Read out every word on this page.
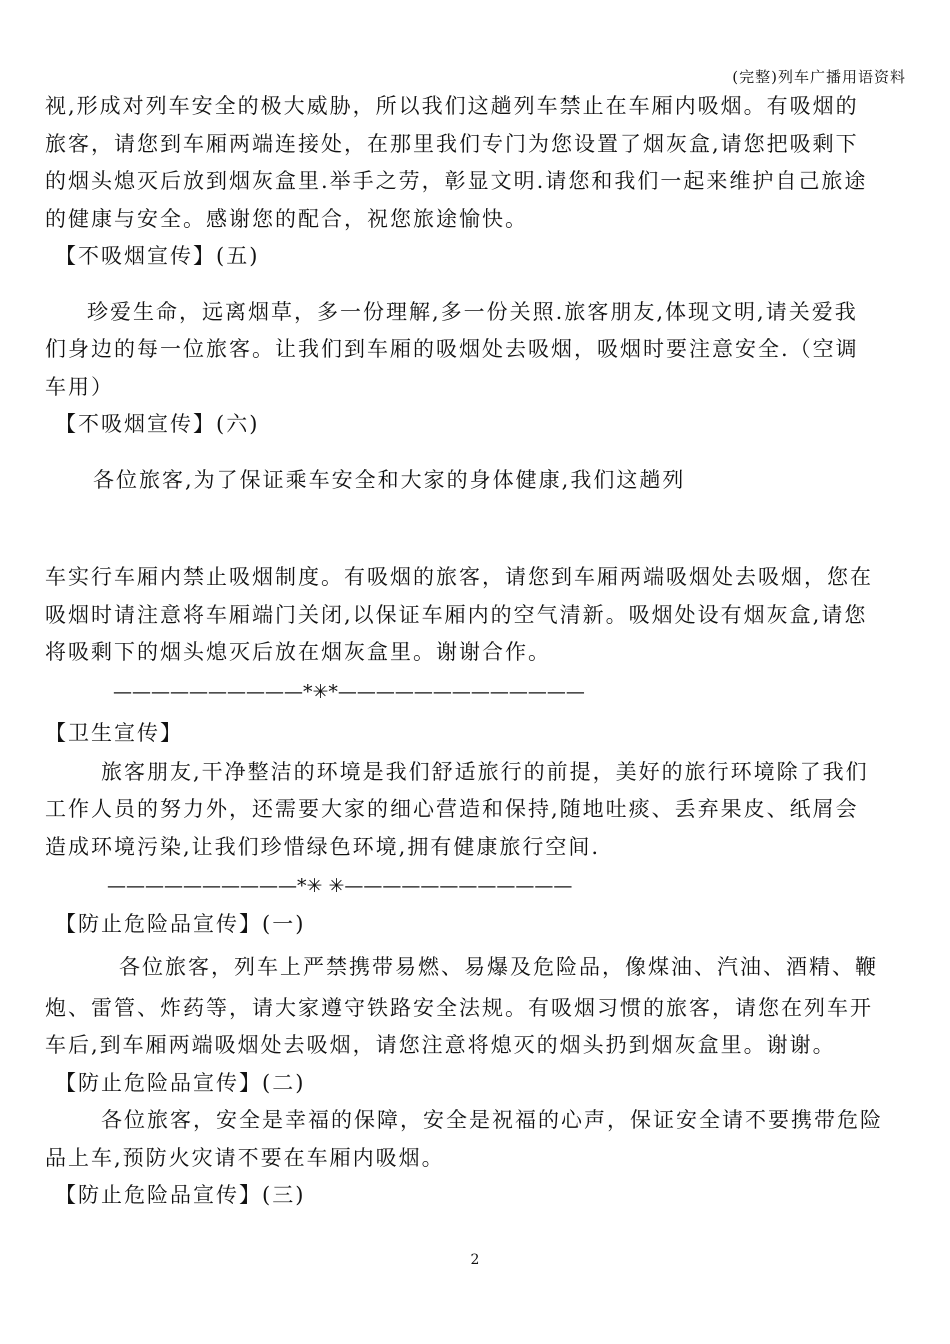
(完整)列车广播用语资料
视,形成对列车安全的极大威胁，所以我们这趟列车禁止在车厢内吸烟。有吸烟的
旅客，请您到车厢两端连接处，在那里我们专门为您设置了烟灰盒,请您把吸剩下
的烟头熄灭后放到烟灰盒里.举手之劳，彰显文明.请您和我们一起来维护自己旅途
的健康与安全。感谢您的配合，祝您旅途愉快。
【不吸烟宣传】(五)
珍爱生命，远离烟草，多一份理解,多一份关照.旅客朋友,体现文明,请关爱我
们身边的每一位旅客。让我们到车厢的吸烟处去吸烟，吸烟时要注意安全.（空调
车用）
【不吸烟宣传】(六)
各位旅客,为了保证乘车安全和大家的身体健康,我们这趟列
车实行车厢内禁止吸烟制度。有吸烟的旅客，请您到车厢两端吸烟处去吸烟，您在
吸烟时请注意将车厢端门关闭,以保证车厢内的空气清新。吸烟处设有烟灰盒,请您
将吸剩下的烟头熄灭后放在烟灰盒里。谢谢合作。
——————————*✳*—————————————
【卫生宣传】
旅客朋友,干净整洁的环境是我们舒适旅行的前提，美好的旅行环境除了我们
工作人员的努力外，还需要大家的细心营造和保持,随地吐痰、丢弃果皮、纸屑会
造成环境污染,让我们珍惜绿色环境,拥有健康旅行空间.
——————————*✳ ✳————————————
【防止危险品宣传】(一)
各位旅客，列车上严禁携带易燃、易爆及危险品，像煤油、汽油、酒精、鞭
炮、雷管、炸药等，请大家遵守铁路安全法规。有吸烟习惯的旅客，请您在列车开
车后,到车厢两端吸烟处去吸烟，请您注意将熄灭的烟头扔到烟灰盒里。谢谢。
【防止危险品宣传】(二)
各位旅客，安全是幸福的保障，安全是祝福的心声，保证安全请不要携带危险
品上车,预防火灾请不要在车厢内吸烟。
【防止危险品宣传】(三)
2
